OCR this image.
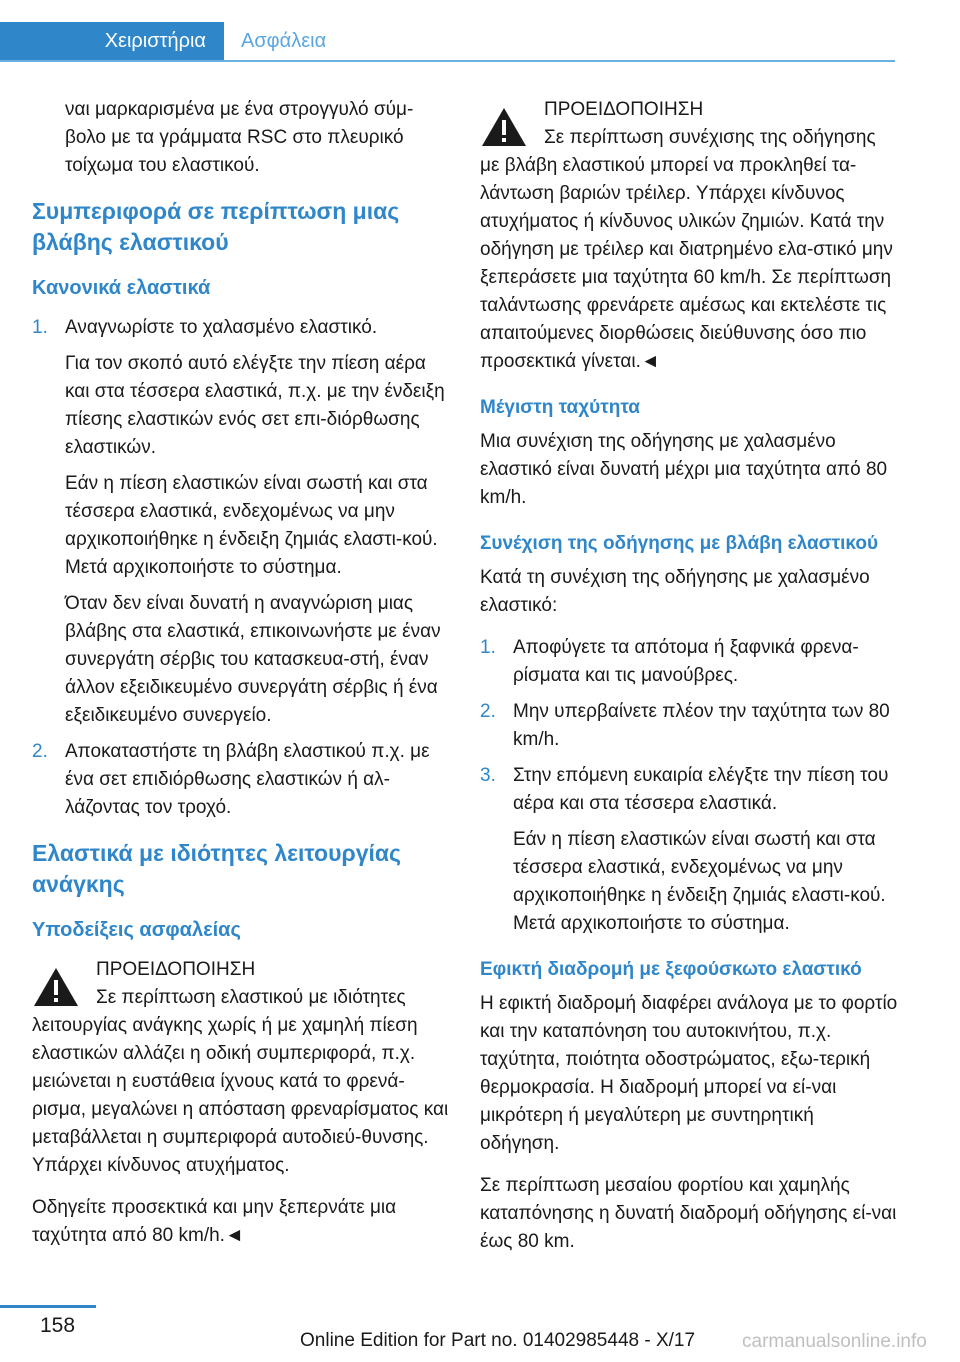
Χειριστήρια	Ασφάλεια

ναι μαρκαρισμένα με ένα στρογγυλό σύμ-βολο με τα γράμματα RSC στο πλευρικό τοίχωμα του ελαστικού.

Συμπεριφορά σε περίπτωση μιας βλάβης ελαστικού
Κανονικά ελαστικά
1. Αναγνωρίστε το χαλασμένο ελαστικό.
Για τον σκοπό αυτό ελέγξτε την πίεση αέρα και στα τέσσερα ελαστικά, π.χ. με την ένδειξη πίεσης ελαστικών ενός σετ επι-διόρθωσης ελαστικών.
Εάν η πίεση ελαστικών είναι σωστή και στα τέσσερα ελαστικά, ενδεχομένως να μην αρχικοποιήθηκε η ένδειξη ζημιάς ελαστι-κού. Μετά αρχικοποιήστε το σύστημα.
Όταν δεν είναι δυνατή η αναγνώριση μιας βλάβης στα ελαστικά, επικοινωνήστε με έναν συνεργάτη σέρβις του κατασκευα-στή, έναν άλλον εξειδικευμένο συνεργάτη σέρβις ή ένα εξειδικευμένο συνεργείο.
2. Αποκαταστήστε τη βλάβη ελαστικού π.χ. με ένα σετ επιδιόρθωσης ελαστικών ή αλ-λάζοντας τον τροχό.
Ελαστικά με ιδιότητες λειτουργίας ανάγκης
Υποδείξεις ασφαλείας
ΠΡΟΕΙΔΟΠΟΙΗΣΗ
Σε περίπτωση ελαστικού με ιδιότητες

λειτουργίας ανάγκης χωρίς ή με χαμηλή πίεση ελαστικών αλλάζει η οδική συμπεριφορά, π.χ. μειώνεται η ευστάθεια ίχνους κατά το φρενά-ρισμα, μεγαλώνει η απόσταση φρεναρίσματος και μεταβάλλεται η συμπεριφορά αυτοδιεύ-θυνσης. Υπάρχει κίνδυνος ατυχήματος.

Οδηγείτε προσεκτικά και μην ξεπερνάτε μια ταχύτητα από 80 km/h.◄

ΠΡΟΕΙΔΟΠΟΙΗΣΗ
Σε περίπτωση συνέχισης της οδήγησης

με βλάβη ελαστικού μπορεί να προκληθεί τα-λάντωση βαριών τρέιλερ. Υπάρχει κίνδυνος ατυχήματος ή κίνδυνος υλικών ζημιών. Κατά την οδήγηση με τρέιλερ και διατρημένο ελα-στικό μην ξεπεράσετε μια ταχύτητα 60 km/h. Σε περίπτωση ταλάντωσης φρενάρετε αμέσως και εκτελέστε τις απαιτούμενες διορθώσεις διεύθυνσης όσο πιο προσεκτικά γίνεται.◄

Μέγιστη ταχύτητα

Μια συνέχιση της οδήγησης με χαλασμένο ελαστικό είναι δυνατή μέχρι μια ταχύτητα από 80 km/h.

Συνέχιση της οδήγησης με βλάβη ελαστικού

Κατά τη συνέχιση της οδήγησης με χαλασμένο ελαστικό:

1. Αποφύγετε τα απότομα ή ξαφνικά φρενα-ρίσματα και τις μανούβρες.
2. Μην υπερβαίνετε πλέον την ταχύτητα των 80 km/h.
3. Στην επόμενη ευκαιρία ελέγξτε την πίεση του αέρα και στα τέσσερα ελαστικά.
Εάν η πίεση ελαστικών είναι σωστή και στα τέσσερα ελαστικά, ενδεχομένως να μην αρχικοποιήθηκε η ένδειξη ζημιάς ελαστι-κού. Μετά αρχικοποιήστε το σύστημα.
Εφικτή διαδρομή με ξεφούσκωτο ελαστικό

Η εφικτή διαδρομή διαφέρει ανάλογα με το φορτίο και την καταπόνηση του αυτοκινήτου, π.χ. ταχύτητα, ποιότητα οδοστρώματος, εξω-τερική θερμοκρασία. Η διαδρομή μπορεί να εί-ναι μικρότερη ή μεγαλύτερη με συντηρητική οδήγηση.

Σε περίπτωση μεσαίου φορτίου και χαμηλής καταπόνησης η δυνατή διαδρομή οδήγησης εί-ναι έως 80 km.

158
Online Edition for Part no. 01402985448 - X/17 carmanualsonline.info
